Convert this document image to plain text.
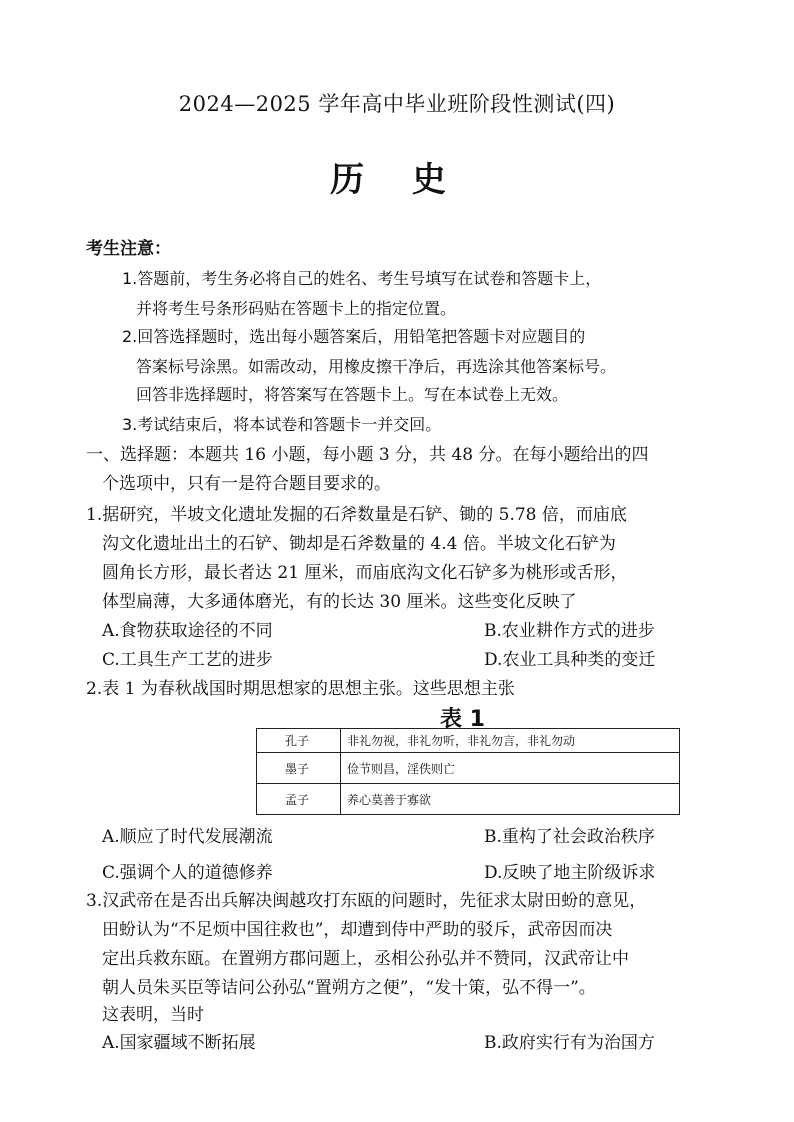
2024—2025 学年高中毕业班阶段性测试(四)
历 史
考生注意：
1.答题前，考生务必将自己的姓名、考生号填写在试卷和答题卡上，
并将考生号条形码贴在答题卡上的指定位置。
2.回答选择题时，选出每小题答案后，用铅笔把答题卡对应题目的
答案标号涂黑。如需改动，用橡皮擦干净后，再选涂其他答案标号。
回答非选择题时，将答案写在答题卡上。写在本试卷上无效。
3.考试结束后，将本试卷和答题卡一并交回。
一、选择题：本题共 16 小题，每小题 3 分，共 48 分。在每小题给出的四
个选项中，只有一是符合题目要求的。
1.据研究，半坡文化遗址发掘的石斧数量是石铲、锄的 5.78 倍，而庙底
沟文化遗址出土的石铲、锄却是石斧数量的 4.4 倍。半坡文化石铲为
圆角长方形，最长者达 21 厘米，而庙底沟文化石铲多为桃形或舌形，
体型扁薄，大多通体磨光，有的长达 30 厘米。这些变化反映了
A.食物获取途径的不同	B.农业耕作方式的进步
C.工具生产工艺的进步	D.农业工具种类的变迁
2.表 1 为春秋战国时期思想家的思想主张。这些思想主张
表 1
孔子	非礼勿视，非礼勿听，非礼勿言，非礼勿动
墨子	俭节则昌，淫佚则亡
孟子	养心莫善于寡欲
A.顺应了时代发展潮流	B.重构了社会政治秩序
C.强调个人的道德修养	D.反映了地主阶级诉求
3.汉武帝在是否出兵解决闽越攻打东瓯的问题时，先征求太尉田蚡的意见，
田蚡认为“不足烦中国往救也”，却遭到侍中严助的驳斥，武帝因而决
定出兵救东瓯。在置朔方郡问题上，丞相公孙弘并不赞同，汉武帝让中
朝人员朱买臣等诘问公孙弘“置朔方之便”，“发十策，弘不得一”。
这表明，当时
A.国家疆域不断拓展	B.政府实行有为治国方
